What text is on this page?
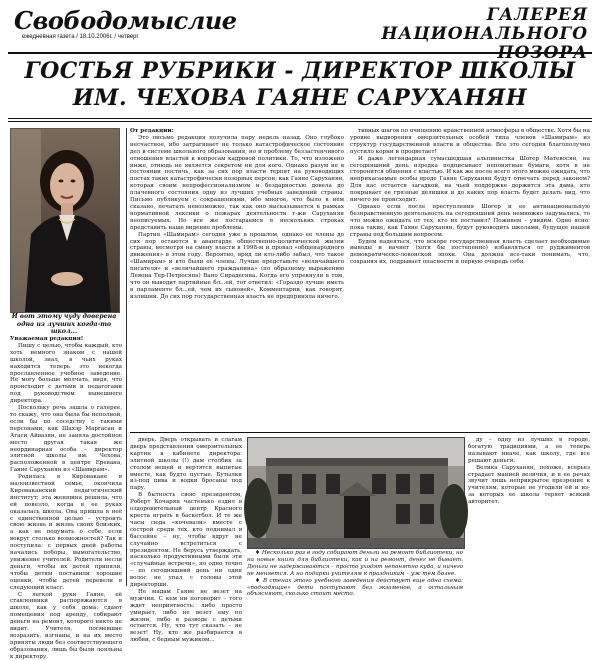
Свободомыслие
ежедневная газета / 18.10.2006г. / четверг
ГАЛЕРЕЯ
НАЦИОНАЛЬНОГО ПОЗОРА
ГОСТЬЯ РУБРИКИ - ДИРЕКТОР ШКОЛЫ
ИМ. ЧЕХОВА ГАЯНЕ САРУХАНЯН
И вот этому чуду доверена одна из лучших когда-то школ...

Уважаемая редакция!

Пишу с целью, чтобы каждый, кто хоть немного знаком с нашей школой, знал, в чьих руках находится теперь это некогда прославленное учебное заведение. Не могу больше молчать, видя, что происходит с детьми и педагогами под руководством нынешнего директора.

Поскольку речь зашла о галерее, то скажу, что она была бы неполной, если бы по соседству с такими персонами, как Шахэр Маргасан и Агаси Айвазян, не заняла достойное место другая такая же неординарная особа – директор элитной школы им. Чехова, расположенной в центре Еревана, Гаяне Саруханян из «Шамирам».

Родилась в Кировакане в малоизвестной семье, окончила Кироваканский педагогический институт; эта женщина решила, что ей повезло, когда в ее руках оказалась школа. Она пришла в неё с единственной целью – устроить свою жизнь и жизнь своих близких, а как не подумать о себе, если вокруг столько возможностей? Так и поступила: с первых дней работы начались поборы, вымогательство, унижение учителей. Родители несли деньги, чтобы их детей приняли, чтобы детям поставили хорошие оценки, чтобы детей перевели в следующий класс.

С легкой руки Гаяне, её ставленники распоряжаются в школе, как у себя дома: сдают помещения под аренду, собирают деньги на ремонт, которого никто не видит. Учителя, посмевшие возразить, изгнаны, и на их место приняты люди без соответствующего образования, лишь бы были лояльны к директору.

От редакции:

Это письмо редакция получила пару недель назад. Оно глубоко несчастное, ибо затрагивает не только катастрофическое состояние дел в системе школьного образования, но и проблему беззастенчивого отношения властей к вопросам кадровой политики. То, что изложено ниже, отнюдь не является секретом ни для кого. Однако разум не в состоянии постичь, как за сих пор власти терпят на руководящих постах таких катастрофически позорных персон, как Гаяне Саруханян, которая своим непрофессионализмом и бездарностью довела до плачевного состояния одну из лучших учебных заведений страны. Письмо публикуем с сокращениями, ибо многое, что было в нем сказано, печатать невозможно, так как оно высказывается в рамках нормативной лексики о пожарах деятельности г-жи Саруханян неописуемых. Но все же постараемся в нескольких строках представить наше видение проблемы.

Партия «Шамирам» сегодня уже в прошлом, однако ее члены до сих пор остаются в авангарде общественно-политической жизни страны, несмотря на смену власти в 1998-м и провал «общенародного движения» в этом году. Вероятно, вряд ли кто-либо забыл, что такое «Шамирам» и кто были ее члены. Лучше представьте «величайшего писателя» и «величайшего гражданина» (по образному выражению Левона Тер-Петросяна) Вано Сирадегяна. Когда его упрекнули в том, что он выводит партийные бл...ей, тот ответил: «Гораздо лучше иметь в парламенте бл...ей, чем их сыновей». Комментарии, как говорят, излишни. До сих пор государственная власть не предприняла ничего.

тивных шагов по очищению нравственной атмосферы в обществе. Хотя бы на уровне выдворения омерзительных особей типа членов «Шамирам» из структур государственной власти и общества. Все это сегодня благополучно пустило корни и процветает!

И даже легендарная сумасшедшая альпинистка Шогер Матевосян, на сегодняшний день изредка подписывает непонятные бумаги, хотя в не сторонится общения с властью. И как же после всего этого можно ожидать, что неприкасаемые особы вроде Гаяне Саруханян будут отвечать перед законом? Для нас остается загадкой, на чьей поддержке держится эта дама, кто покрывает ее грязные делишки и до каких пор власть будет делать вид, что ничего не происходит.

Однако если после преступления Шогер и ее антинациональную безнравственную деятельность на сегодняшний день немножко задумались, то что можно ожидать от тех, кто их поставил? Поживем – увидим. Одно ясно: пока такие, как Гаяне Саруханян, будут руководить школами, будущее нашей страны под большим вопросом.

Будем надеяться, что вскоре государственная власть сделает необходимые выводы и начнет (хотя бы постепенно) избавляться от руджиментов демократическо-ловонской эпохи. Она должна все-таки понимать, что, сохраняя их, подрывает опасности и первую очередь себя.

дверь. Дверь открывать и слагам дверь представления омерзительных картин в кабинете директора: элитной школы (!) дам столбик за столом вещей и вертятся выпитые вместе, как будто пустые. Бутылки из-под пива и водки бросаны под пару.

В бытность свою президентом, Роберт Кочарян частенько ездил в оздоровительный центр Красного креста играть в баскетбол. И те же часы сюда «кочевали» вместе с сестрой среди тех, кто поднимал в бассейне – ну, чтобы вдруг не случайно встретиться с президентом. Не берусь утверждать, насколько продуктивными были эти «случайные встречи», но одно точно – по сегодняшний день ни один волос не упал с головы этой директорши.

Не мадам Гаяне не везет на мужчин. С кем ни поговорит – того ждет неприятность: либо просто умирает, либо не везет ему по жизни, либо в разводе с детьми остается. Ну, что тут сказать – не везет! Ну, кто же разбирается в любви, с бедным мужиком...

♦ Несколько раз в году собирают деньги на ремонт библиотеки, но на новые книги для библиотеки, как и на ремонт, денег не бывает. Деньги не задерживаются – просто уходят непонятно куда, и ничего не меняется. А на подарки учителям к праздникам – уж тем более.

♦ В стенах этого учебного заведения действует еще одна схема: «подходящие» дети поступают без экзаменов, а остальным объясняют, сколько стоит место.

ду – одну из лучших в городе, богатую традициями, а ее теперь называют иначе, как школу, где все решают деньги.

Велика Саруханян, похоже, всерьез страдает манией величия, и в ее речах звучит лишь неприкрытое презрение к учителям, которые не угодили ей и из-за которых ее школа теряет всякий авторитет.
